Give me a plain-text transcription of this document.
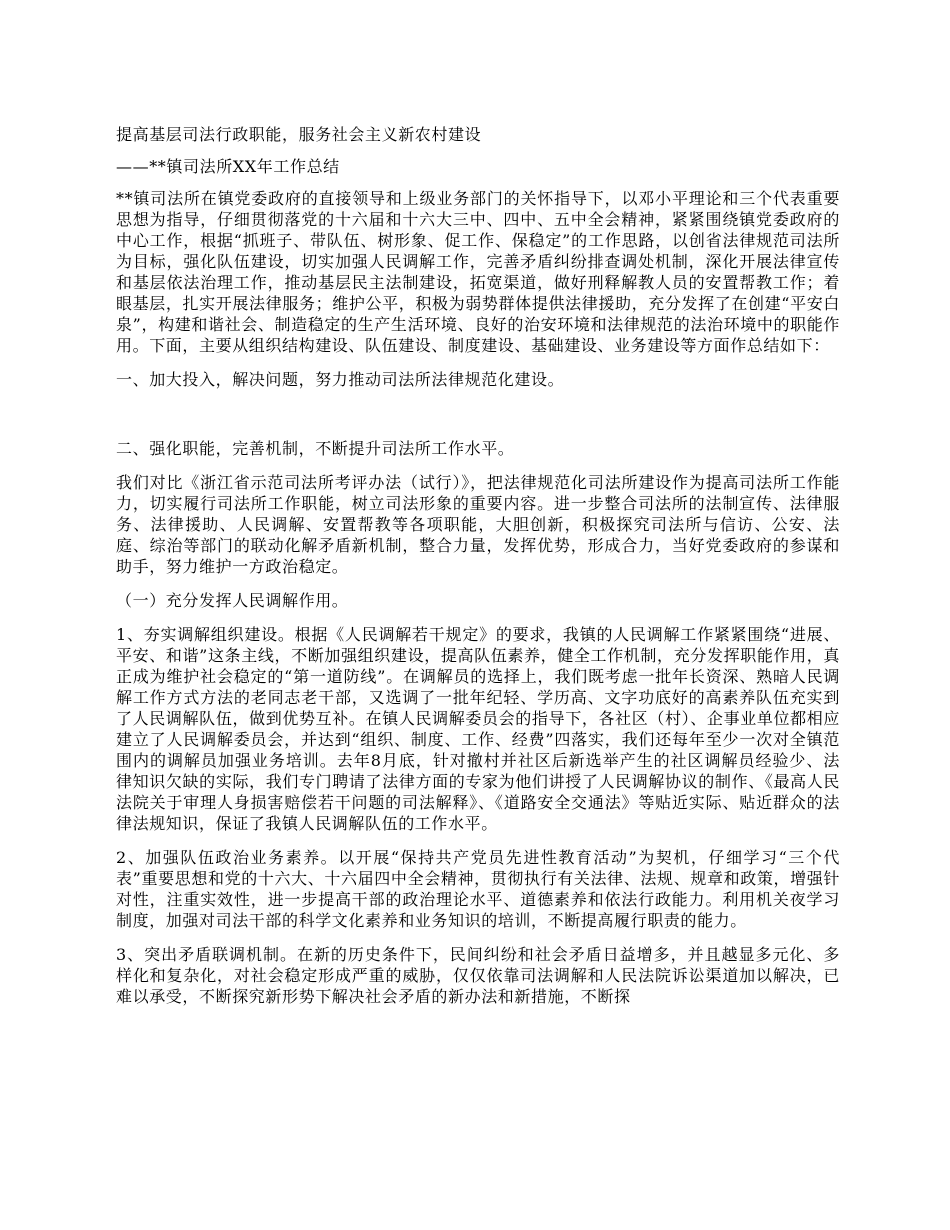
提高基层司法行政职能，服务社会主义新农村建设

——**镇司法所XX年工作总结

**镇司法所在镇党委政府的直接领导和上级业务部门的关怀指导下，以邓小平理论和三个代表重要思想为指导，仔细贯彻落党的十六届和十六大三中、四中、五中全会精神，紧紧围绕镇党委政府的中心工作，根据“抓班子、带队伍、树形象、促工作、保稳定”的工作思路，以创省法律规范司法所为目标，强化队伍建设，切实加强人民调解工作，完善矛盾纠纷排查调处机制，深化开展法律宣传和基层依法治理工作，推动基层民主法制建设，拓宽渠道，做好刑释解教人员的安置帮教工作；着眼基层，扎实开展法律服务；维护公平，积极为弱势群体提供法律援助，充分发挥了在创建“平安白泉”，构建和谐社会、制造稳定的生产生活环境、良好的治安环境和法律规范的法治环境中的职能作用。下面，主要从组织结构建设、队伍建设、制度建设、基础建设、业务建设等方面作总结如下：

一、加大投入，解决问题，努力推动司法所法律规范化建设。

二、强化职能，完善机制，不断提升司法所工作水平。

我们对比《浙江省示范司法所考评办法（试行）》，把法律规范化司法所建设作为提高司法所工作能力，切实履行司法所工作职能，树立司法形象的重要内容。进一步整合司法所的法制宣传、法律服务、法律援助、人民调解、安置帮教等各项职能，大胆创新，积极探究司法所与信访、公安、法庭、综治等部门的联动化解矛盾新机制，整合力量，发挥优势，形成合力，当好党委政府的参谋和助手，努力维护一方政治稳定。

（一）充分发挥人民调解作用。

1、夯实调解组织建设。根据《人民调解若干规定》的要求，我镇的人民调解工作紧紧围绕“进展、平安、和谐”这条主线，不断加强组织建设，提高队伍素养，健全工作机制，充分发挥职能作用，真正成为维护社会稳定的“第一道防线”。在调解员的选择上，我们既考虑一批年长资深、熟暗人民调解工作方式方法的老同志老干部，又选调了一批年纪轻、学历高、文字功底好的高素养队伍充实到了人民调解队伍，做到优势互补。在镇人民调解委员会的指导下，各社区（村）、企事业单位都相应建立了人民调解委员会，并达到“组织、制度、工作、经费”四落实，我们还每年至少一次对全镇范围内的调解员加强业务培训。去年8月底，针对撤村并社区后新选举产生的社区调解员经验少、法律知识欠缺的实际，我们专门聘请了法律方面的专家为他们讲授了人民调解协议的制作、《最高人民法院关于审理人身损害赔偿若干问题的司法解释》、《道路安全交通法》等贴近实际、贴近群众的法律法规知识，保证了我镇人民调解队伍的工作水平。

2、加强队伍政治业务素养。以开展“保持共产党员先进性教育活动”为契机，仔细学习“三个代表”重要思想和党的十六大、十六届四中全会精神，贯彻执行有关法律、法规、规章和政策，增强针对性，注重实效性，进一步提高干部的政治理论水平、道德素养和依法行政能力。利用机关夜学习制度，加强对司法干部的科学文化素养和业务知识的培训，不断提高履行职责的能力。

3、突出矛盾联调机制。在新的历史条件下，民间纠纷和社会矛盾日益增多，并且越显多元化、多样化和复杂化，对社会稳定形成严重的威胁，仅仅依靠司法调解和人民法院诉讼渠道加以解决，已难以承受，不断探究新形势下解决社会矛盾的新办法和新措施，不断探
